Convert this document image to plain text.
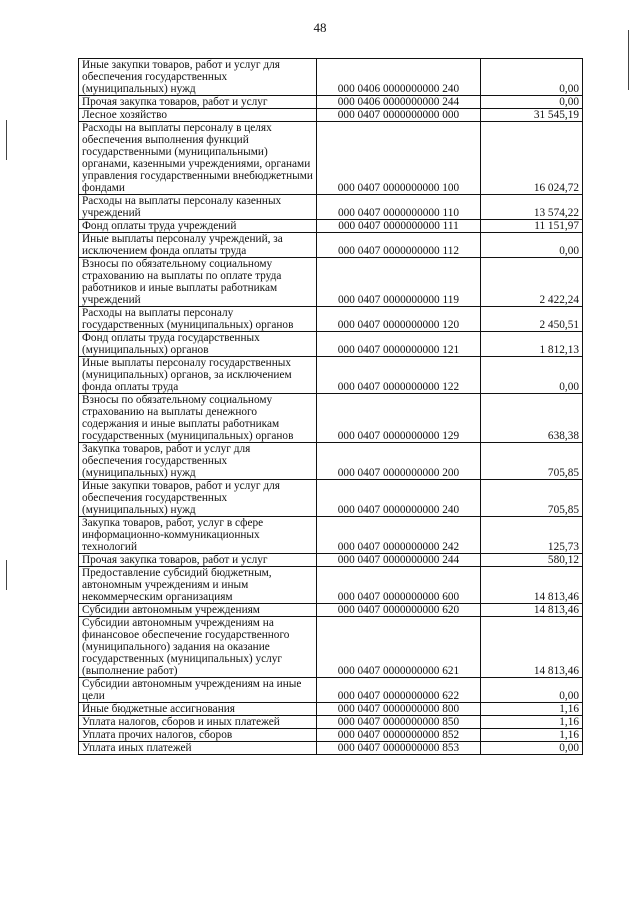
48
Иные закупки товаров, работ и услуг для обеспечения государственных (муниципальных) нужд	000 0406 0000000000 240	0,00
Прочая закупка товаров, работ и услуг	000 0406 0000000000 244	0,00
Лесное хозяйство	000 0407 0000000000 000	31 545,19
Расходы на выплаты персоналу в целях обеспечения выполнения функций государственными (муниципальными) органами, казенными учреждениями, органами управления государственными внебюджетными фондами	000 0407 0000000000 100	16 024,72
Расходы на выплаты персоналу казенных учреждений	000 0407 0000000000 110	13 574,22
Фонд оплаты труда учреждений	000 0407 0000000000 111	11 151,97
Иные выплаты персоналу учреждений, за исключением фонда оплаты труда	000 0407 0000000000 112	0,00
Взносы по обязательному социальному страхованию на выплаты по оплате труда работников и иные выплаты работникам учреждений	000 0407 0000000000 119	2 422,24
Расходы на выплаты персоналу государственных (муниципальных) органов	000 0407 0000000000 120	2 450,51
Фонд оплаты труда государственных (муниципальных) органов	000 0407 0000000000 121	1 812,13
Иные выплаты персоналу государственных (муниципальных) органов, за исключением фонда оплаты труда	000 0407 0000000000 122	0,00
Взносы по обязательному социальному страхованию на выплаты денежного содержания и иные выплаты работникам государственных (муниципальных) органов	000 0407 0000000000 129	638,38
Закупка товаров, работ и услуг для обеспечения государственных (муниципальных) нужд	000 0407 0000000000 200	705,85
Иные закупки товаров, работ и услуг для обеспечения государственных (муниципальных) нужд	000 0407 0000000000 240	705,85
Закупка товаров, работ, услуг в сфере информационно-коммуникационных технологий	000 0407 0000000000 242	125,73
Прочая закупка товаров, работ и услуг	000 0407 0000000000 244	580,12
Предоставление субсидий бюджетным, автономным учреждениям и иным некоммерческим организациям	000 0407 0000000000 600	14 813,46
Субсидии автономным учреждениям	000 0407 0000000000 620	14 813,46
Субсидии автономным учреждениям на финансовое обеспечение государственного (муниципального) задания на оказание государственных (муниципальных) услуг (выполнение работ)	000 0407 0000000000 621	14 813,46
Субсидии автономным учреждениям на иные цели	000 0407 0000000000 622	0,00
Иные бюджетные ассигнования	000 0407 0000000000 800	1,16
Уплата налогов, сборов и иных платежей	000 0407 0000000000 850	1,16
Уплата прочих налогов, сборов	000 0407 0000000000 852	1,16
Уплата иных платежей	000 0407 0000000000 853	0,00
